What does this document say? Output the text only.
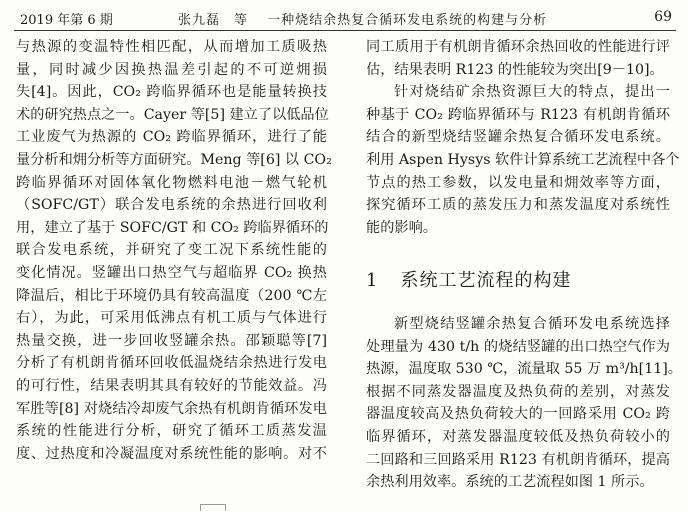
2019 年第 6 期	张九磊　等　 一种烧结余热复合循环发电系统的构建与分析	69
与热源的变温特性相匹配，从而增加工质吸热
量，同时减少因换热温差引起的不可逆㶲损
失[4]。因此，CO₂ 跨临界循环也是能量转换技
术的研究热点之一。Cayer 等[5] 建立了以低品位
工业废气为热源的 CO₂ 跨临界循环，进行了能
量分析和㶲分析等方面研究。Meng 等[6] 以 CO₂
跨临界循环对固体氧化物燃料电池－燃气轮机
（SOFC/GT）联合发电系统的余热进行回收利
用，建立了基于 SOFC/GT 和 CO₂ 跨临界循环的
联合发电系统，并研究了变工况下系统性能的
变化情况。竖罐出口热空气与超临界 CO₂ 换热
降温后，相比于环境仍具有较高温度（200 ℃左
右），为此，可采用低沸点有机工质与气体进行
热量交换，进一步回收竖罐余热。邵颖聪等[7]
分析了有机朗肯循环回收低温烧结余热进行发电
的可行性，结果表明其具有较好的节能效益。冯
军胜等[8] 对烧结冷却废气余热有机朗肯循环发电
系统的性能进行分析，研究了循环工质蒸发温
度、过热度和冷凝温度对系统性能的影响。对不
同工质用于有机朗肯循环余热回收的性能进行评
估，结果表明 R123 的性能较为突出[9－10]。
针对烧结矿余热资源巨大的特点，提出一
种基于 CO₂ 跨临界循环与 R123 有机朗肯循环
结合的新型烧结竖罐余热复合循环发电系统。
利用 Aspen Hysys 软件计算系统工艺流程中各个
节点的热工参数，以发电量和㶲效率等方面，
探究循环工质的蒸发压力和蒸发温度对系统性
能的影响。
1 系统工艺流程的构建
新型烧结竖罐余热复合循环发电系统选择
处理量为 430 t/h 的烧结竖罐的出口热空气作为
热源，温度取 530 ℃，流量取 55 万 m³/h[11]。
根据不同蒸发器温度及热负荷的差别，对蒸发
器温度较高及热负荷较大的一回路采用 CO₂ 跨
临界循环，对蒸发器温度较低及热负荷较小的
二回路和三回路采用 R123 有机朗肯循环，提高
余热利用效率。系统的工艺流程如图 1 所示。
